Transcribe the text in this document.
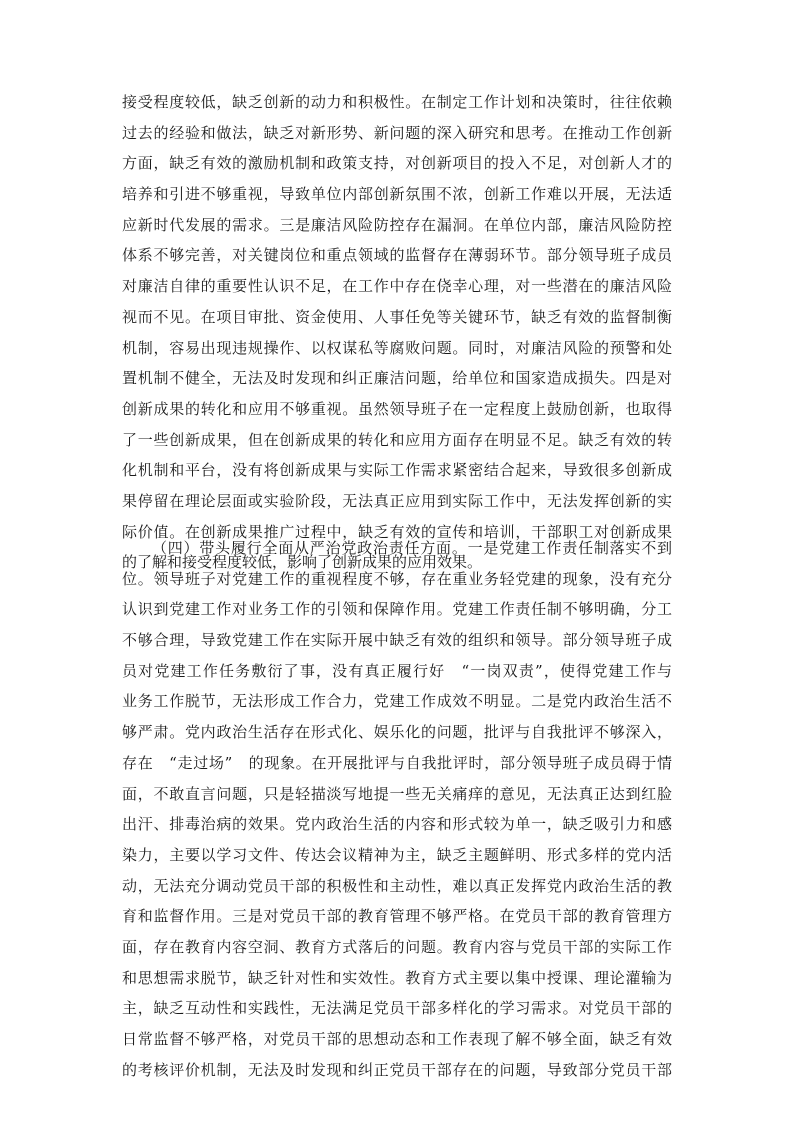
接受程度较低，缺乏创新的动力和积极性。在制定工作计划和决策时，往往依赖
过去的经验和做法，缺乏对新形势、新问题的深入研究和思考。在推动工作创新
方面，缺乏有效的激励机制和政策支持，对创新项目的投入不足，对创新人才的
培养和引进不够重视，导致单位内部创新氛围不浓，创新工作难以开展，无法适
应新时代发展的需求。三是廉洁风险防控存在漏洞。在单位内部，廉洁风险防控
体系不够完善，对关键岗位和重点领域的监督存在薄弱环节。部分领导班子成员
对廉洁自律的重要性认识不足，在工作中存在侥幸心理，对一些潜在的廉洁风险
视而不见。在项目审批、资金使用、人事任免等关键环节，缺乏有效的监督制衡
机制，容易出现违规操作、以权谋私等腐败问题。同时，对廉洁风险的预警和处
置机制不健全，无法及时发现和纠正廉洁问题，给单位和国家造成损失。四是对
创新成果的转化和应用不够重视。虽然领导班子在一定程度上鼓励创新，也取得
了一些创新成果，但在创新成果的转化和应用方面存在明显不足。缺乏有效的转
化机制和平台，没有将创新成果与实际工作需求紧密结合起来，导致很多创新成
果停留在理论层面或实验阶段，无法真正应用到实际工作中，无法发挥创新的实
际价值。在创新成果推广过程中，缺乏有效的宣传和培训，干部职工对创新成果
的了解和接受程度较低，影响了创新成果的应用效果。
（四）带头履行全面从严治党政治责任方面。一是党建工作责任制落实不到
位。领导班子对党建工作的重视程度不够，存在重业务轻党建的现象，没有充分
认识到党建工作对业务工作的引领和保障作用。党建工作责任制不够明确，分工
不够合理，导致党建工作在实际开展中缺乏有效的组织和领导。部分领导班子成
员对党建工作任务敷衍了事，没有真正履行好　“一岗双责”，使得党建工作与
业务工作脱节，无法形成工作合力，党建工作成效不明显。二是党内政治生活不
够严肃。党内政治生活存在形式化、娱乐化的问题，批评与自我批评不够深入，
存在　“走过场”　的现象。在开展批评与自我批评时，部分领导班子成员碍于情
面，不敢直言问题，只是轻描淡写地提一些无关痛痒的意见，无法真正达到红脸
出汗、排毒治病的效果。党内政治生活的内容和形式较为单一，缺乏吸引力和感
染力，主要以学习文件、传达会议精神为主，缺乏主题鲜明、形式多样的党内活
动，无法充分调动党员干部的积极性和主动性，难以真正发挥党内政治生活的教
育和监督作用。三是对党员干部的教育管理不够严格。在党员干部的教育管理方
面，存在教育内容空洞、教育方式落后的问题。教育内容与党员干部的实际工作
和思想需求脱节，缺乏针对性和实效性。教育方式主要以集中授课、理论灌输为
主，缺乏互动性和实践性，无法满足党员干部多样化的学习需求。对党员干部的
日常监督不够严格，对党员干部的思想动态和工作表现了解不够全面，缺乏有效
的考核评价机制，无法及时发现和纠正党员干部存在的问题，导致部分党员干部
